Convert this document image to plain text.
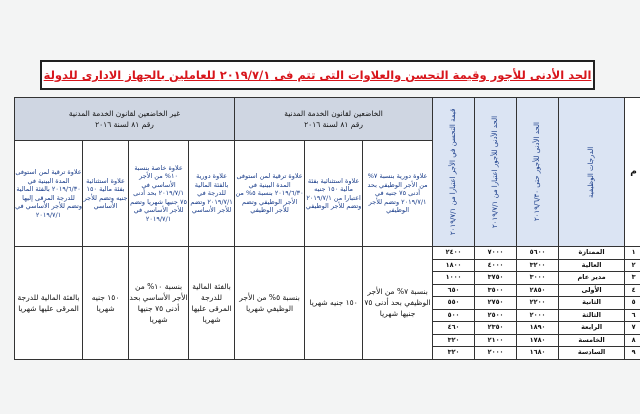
الحد الأدنى للأجور وقيمة التحسن والعلاوات التى تتم فى ٢٠١٩/٧/١ للعاملين بالجهاز الادارى للدولة
م	الدرجات الوظيفية	الحد الأدنى للأجور حتى ٢٠١٩/٦/٣٠	الحد الأدنى للأجور اعتبارا من ٢٠١٩/٧/١	قيمة التحسن في الأجر اعتبارا من ٢٠١٩/٧/١	الخاضعين لقانون الخدمة المدنية
رقم ٨١ لسنة ٢٠١٦			غير الخاضعين لقانون الخدمة المدنية
رقم ٨١ لسنة ٢٠١٦			
					علاوة دورية بنسبة ٧% من الأجر الوظيفي بحد أدنى ٧٥ جنيه في ٢٠١٩/٧/١ وتضم للأجر الوظيفي	علاوة استثنائية بفئة مالية ١٥٠ جنيه اعتبارا من ٢٠١٩/٧/١ وتضم للأجر الوظيفي	علاوة ترقية لمن استوفى المدة البينية في ٢٠١٩/٦/٣٠ بنسبة ٥% من الأجر الوظيفي وتضم للأجر الوظيفي	علاوة دورية بالفئة المالية للدرجة في ٢٠١٩/٧/١ وتضم للأجر الأساسي	علاوة خاصة بنسبة ١٠% من الأجر الأساسي في ٢٠١٩/٧/١ بحد أدنى ٧٥ جنيها شهريا وتضم للأجر الأساسي في ٢٠١٩/٧/١	علاوة استثنائية بفئة مالية ١٥٠ جنيه وتضم للأجر الأساسي	علاوة ترقية لمن استوفى المدة البينية في ٢٠١٩/٦/٣٠ بالفئة المالية للدرجة المرقى إليها وتضم للأجر الأساسي في ٢٠١٩/٧/١
١	الممتازة	٥٦٠٠	٧٠٠٠	٢٤٠٠	بنسبة ٧% من الأجر الوظيفي بحد أدنى ٧٥ جنيها شهريا	١٥٠ جنيه شهريا	بنسبة ٥% من الأجر الوظيفي شهريا	بالفئة المالية للدرجة المرقى عليها شهريا	بنسبة ١٠% من الأجر الأساسي بحد أدنى ٧٥ جنيها شهريا	١٥٠ جنيه شهريا	بالفئة المالية للدرجة المرقى عليها شهريا
٢	العالية	٣٢٠٠	٤٠٠٠	١٨٠٠							
٣	مدير عام	٣٠٠٠	٣٧٥٠	١٠٠٠							
٤	الأولى	٢٨٥٠	٣٥٠٠	٦٥٠							
٥	الثانية	٢٢٠٠	٢٧٥٠	٥٥٠							
٦	الثالثة	٢٠٠٠	٢٥٠٠	٥٠٠							
٧	الرابعة	١٨٩٠	٢٣٥٠	٤٦٠							
٨	الخامسة	١٧٨٠	٢١٠٠	٣٢٠							
٩	السادسة	١٦٨٠	٢٠٠٠	٣٢٠							
